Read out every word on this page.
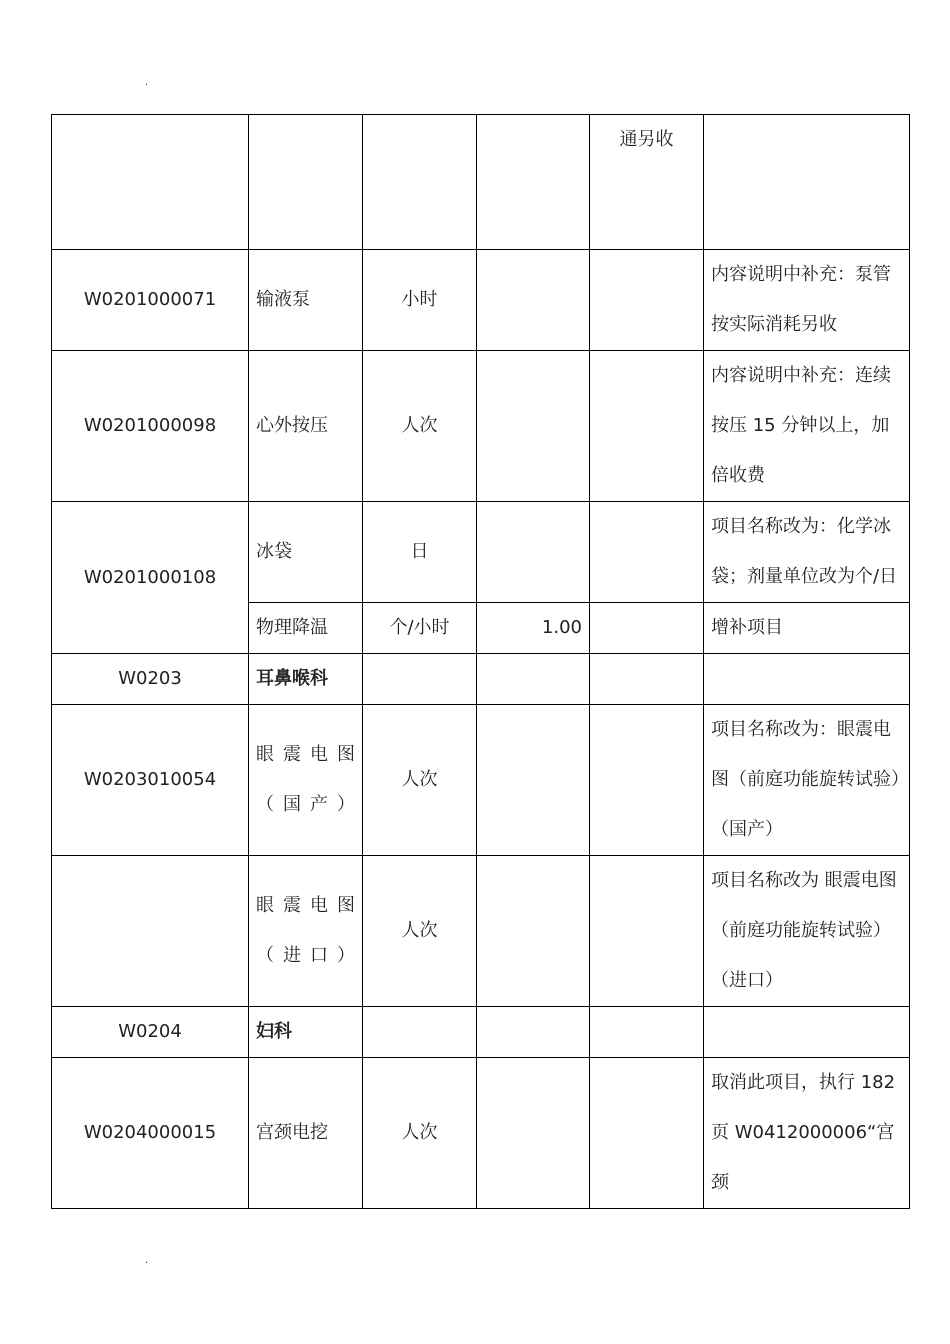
.
				通另收	
W0201000071	输液泵	小时			内容说明中补充：泵管按实际消耗另收
W0201000098	心外按压	人次			内容说明中补充：连续按压 15 分钟以上，加倍收费
W0201000108	冰袋	日			项目名称改为：化学冰袋；剂量单位改为个/日
	物理降温	个/小时	1.00		增补项目
W0203	耳鼻喉科				
W0203010054	眼震电图（国产）	人次			项目名称改为：眼震电图（前庭功能旋转试验）（国产）
	眼震电图（进口）	人次			项目名称改为 眼震电图（前庭功能旋转试验）（进口）
W0204	妇科				
W0204000015	宫颈电挖	人次			取消此项目，执行 182 页 W0412000006“宫颈
.
